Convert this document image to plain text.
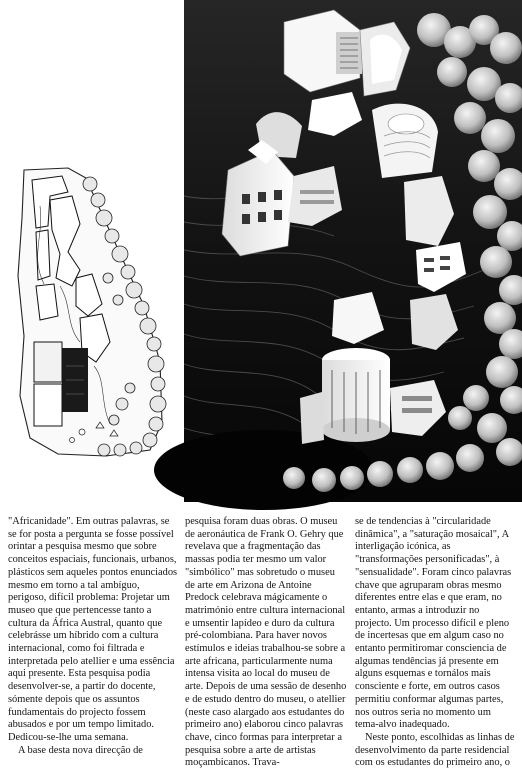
"Africanidade". Em outras palavras, se se for posta a pergunta se fosse possível orintar a pesquisa mesmo que sobre conceitos espaciais, funcionais, urbanos, plásticos sem aqueles pontos enunciados mesmo em torno a tal ambíguo, perigoso, difícil problema: Projetar um museo que que pertencesse tanto a cultura da África Austral, quanto que celebrásse um híbrido com a cultura internacional, como foi filtrada e interpretada pelo atellier e uma essência aqui presente. Esta pesquisa podia desenvolver-se, a partir do docente, sómente depois que os assuntos fundamentais do projecto fossem abusados e por um tempo limitado. Dedicou-se-lhe uma semana.

A base desta nova direcção de

pesquisa foram duas obras. O museu de aeronáutica de Frank O. Gehry que revelava que a fragmentação das massas podia ter mesmo um valor "simbólico" mas sobretudo o museu de arte em Arizona de Antoine Predock celebrava mágicamente o matrimónio entre cultura internacional e umsentir lapídeo e duro da cultura pré-colombiana. Para haver novos estímulos e ideias trabalhou-se sobre a arte africana, particularmente numa intensa visita ao local do museu de arte. Depois de uma sessão de desenho e de estudo dentro do museu, o atellier (neste caso alargado aos estudantes do primeiro ano) elaborou cinco palavras chave, cinco formas para interpretar a pesquisa sobre a arte de artistas moçambicanos. Trava-

se de tendencias à "circularidade dinâmica", a "saturação mosaical", A interligação icónica, as "transformações personificadas", à "sensualidade". Foram cinco palavras chave que agruparam obras mesmo diferentes entre elas e que eram, no entanto, armas a introduzir no projecto. Um processo difícil e pleno de incertesas que em algum caso no entanto permitiromar consciencia de algumas tendências já presente em alguns esquemas e tornálos mais consciente e forte, em outros casos permitiu conformar algumas partes, nos outros seria no momento um tema-alvo inadequado.

Neste ponto, escolhidas as linhas de desenvolvimento da parte residencial com os estudantes do primeiro ano, o
